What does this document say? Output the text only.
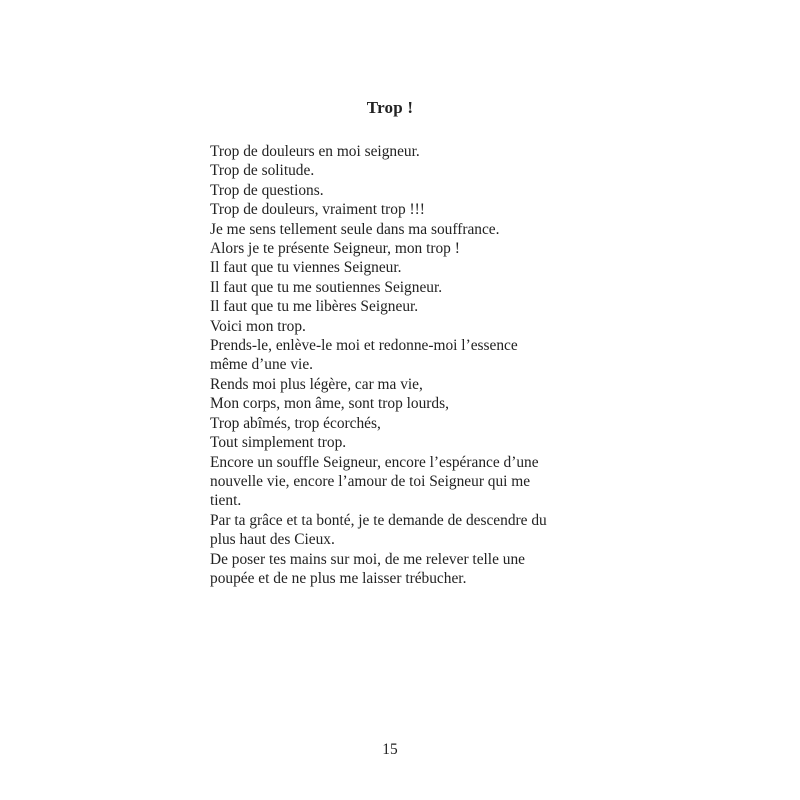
Trop !
Trop de douleurs en moi seigneur.
Trop de solitude.
Trop de questions.
Trop de douleurs, vraiment trop !!!
Je me sens tellement seule dans ma souffrance.
Alors je te présente Seigneur, mon trop !
Il faut que tu viennes Seigneur.
Il faut que tu me soutiennes Seigneur.
Il faut que tu me libères Seigneur.
Voici mon trop.
Prends-le, enlève-le moi et redonne-moi l’essence
même d’une vie.
Rends moi plus légère, car ma vie,
Mon corps, mon âme, sont trop lourds,
Trop abîmés, trop écorchés,
Tout simplement trop.
Encore un souffle Seigneur, encore l’espérance d’une
nouvelle vie, encore l’amour de toi Seigneur qui me
tient.
Par ta grâce et ta bonté, je te demande de descendre du
plus haut des Cieux.
De poser tes mains sur moi, de me relever telle une
poupée et de ne plus me laisser trébucher.
15
